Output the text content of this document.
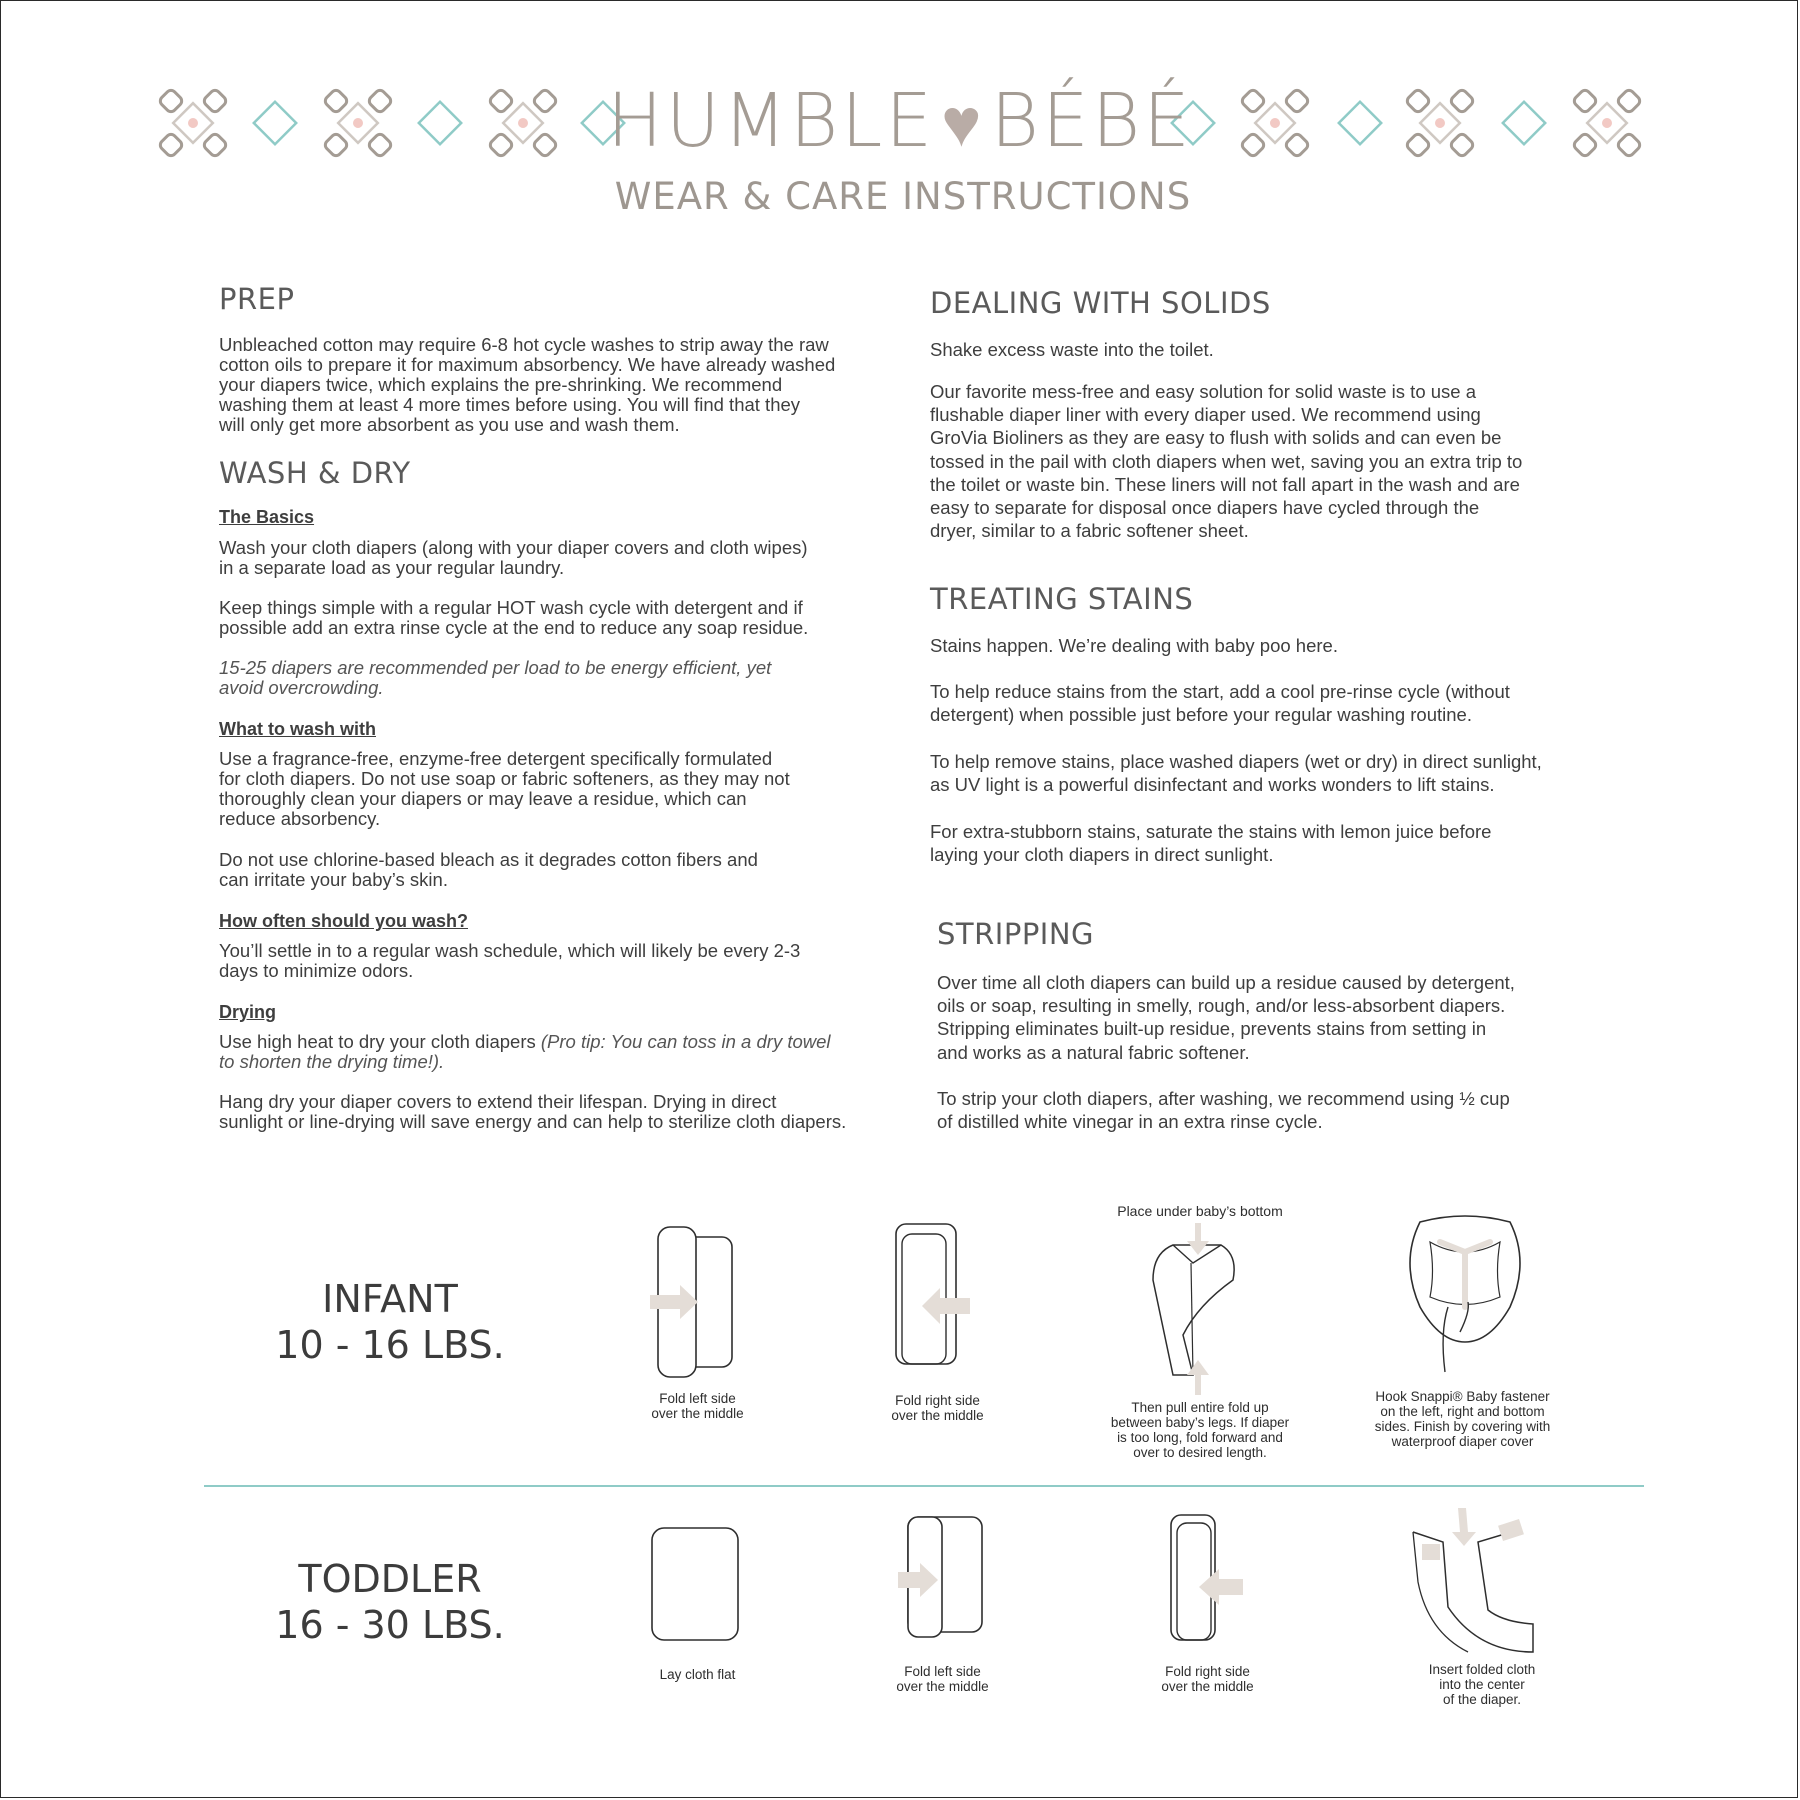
HUMBLE♥BÉBÉ
WEAR & CARE INSTRUCTIONS
PREP
Unbleached cotton may require 6-8 hot cycle washes to strip away the raw
cotton oils to prepare it for maximum absorbency. We have already washed
your diapers twice, which explains the pre-shrinking. We recommend
washing them at least 4 more times before using. You will find that they
will only get more absorbent as you use and wash them.
WASH & DRY
The Basics
Wash your cloth diapers (along with your diaper covers and cloth wipes)
in a separate load as your regular laundry.
Keep things simple with a regular HOT wash cycle with detergent and if
possible add an extra rinse cycle at the end to reduce any soap residue.
15-25 diapers are recommended per load to be energy efficient, yet
avoid overcrowding.
What to wash with
Use a fragrance-free, enzyme-free detergent specifically formulated
for cloth diapers. Do not use soap or fabric softeners, as they may not
thoroughly clean your diapers or may leave a residue, which can
reduce absorbency.
Do not use chlorine-based bleach as it degrades cotton fibers and
can irritate your baby’s skin.
How often should you wash?
You’ll settle in to a regular wash schedule, which will likely be every 2-3
days to minimize odors.
Drying
Use high heat to dry your cloth diapers (Pro tip: You can toss in a dry towel
to shorten the drying time!).
Hang dry your diaper covers to extend their lifespan. Drying in direct
sunlight or line-drying will save energy and can help to sterilize cloth diapers.
DEALING WITH SOLIDS
Shake excess waste into the toilet.
Our favorite mess-free and easy solution for solid waste is to use a
flushable diaper liner with every diaper used. We recommend using
GroVia Bioliners as they are easy to flush with solids and can even be
tossed in the pail with cloth diapers when wet, saving you an extra trip to
the toilet or waste bin. These liners will not fall apart in the wash and are
easy to separate for disposal once diapers have cycled through the
dryer, similar to a fabric softener sheet.
TREATING STAINS
Stains happen. We’re dealing with baby poo here.
To help reduce stains from the start, add a cool pre-rinse cycle (without
detergent) when possible just before your regular washing routine.
To help remove stains, place washed diapers (wet or dry) in direct sunlight,
as UV light is a powerful disinfectant and works wonders to lift stains.
For extra-stubborn stains, saturate the stains with lemon juice before
laying your cloth diapers in direct sunlight.
STRIPPING
Over time all cloth diapers can build up a residue caused by detergent,
oils or soap, resulting in smelly, rough, and/or less-absorbent diapers.
Stripping eliminates built-up residue, prevents stains from setting in
and works as a natural fabric softener.
To strip your cloth diapers, after washing, we recommend using ½ cup
of distilled white vinegar in an extra rinse cycle.
INFANT
10 - 16 LBS.
Fold left side
over the middle
Fold right side
over the middle
Place under baby’s bottom
Then pull entire fold up
between baby’s legs. If diaper
is too long, fold forward and
over to desired length.
Hook Snappi® Baby fastener
on the left, right and bottom
sides. Finish by covering with
waterproof diaper cover
TODDLER
16 - 30 LBS.
Lay cloth flat	Fold left side
over the middle
Fold right side
over the middle
Insert folded cloth
into the center
of the diaper.
